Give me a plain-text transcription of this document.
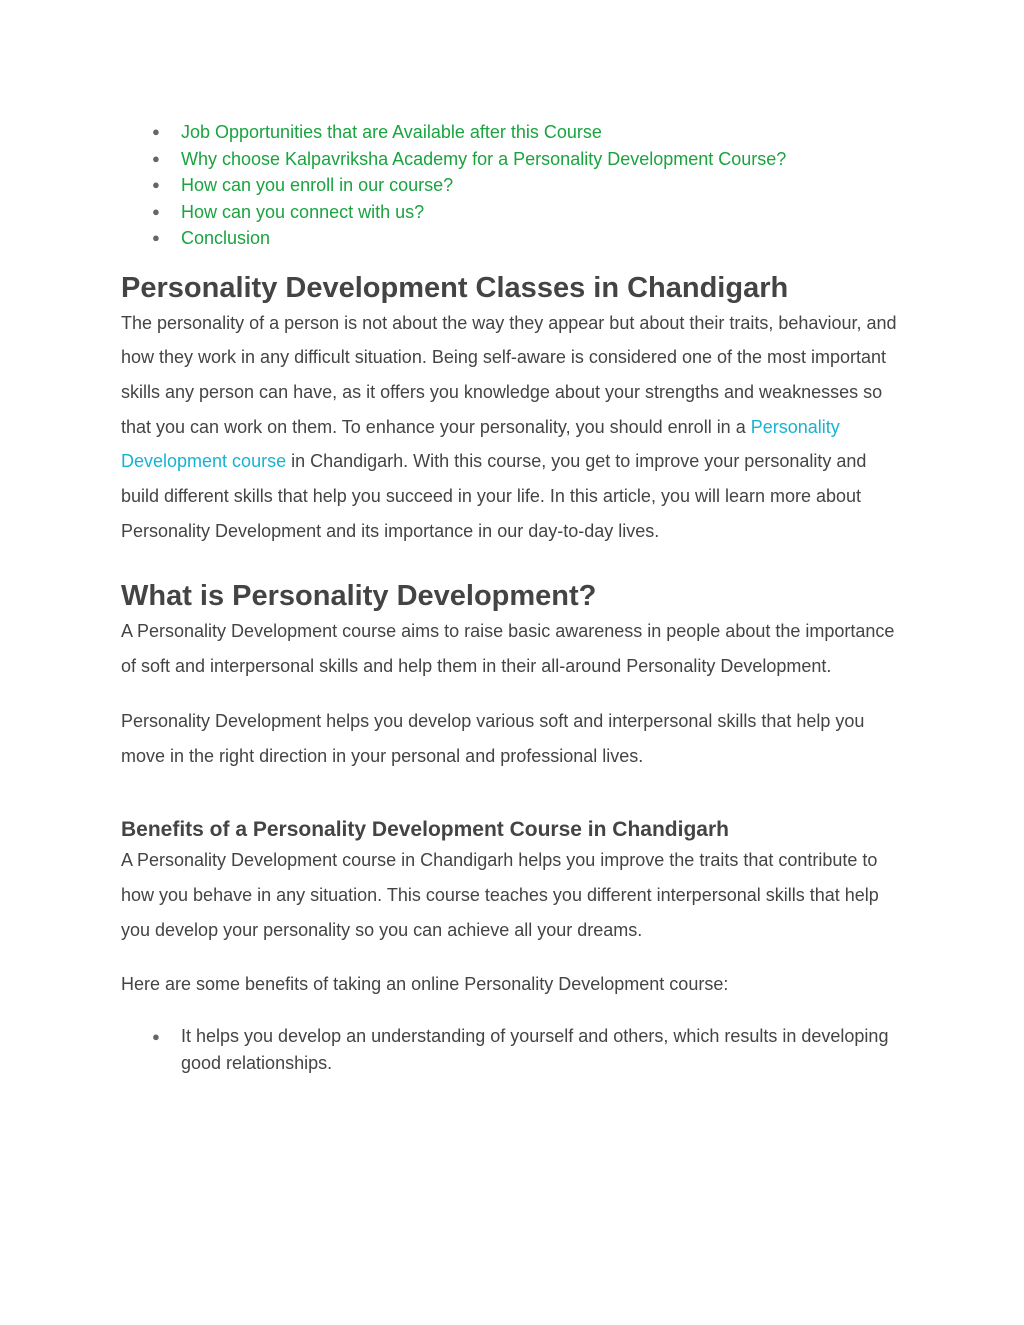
● Job Opportunities that are Available after this Course
● Why choose Kalpavriksha Academy for a Personality Development Course?
● How can you enroll in our course?
● How can you connect with us?
● Conclusion
Personality Development Classes in Chandigarh

The personality of a person is not about the way they appear but about their traits, behaviour, and how they work in any difficult situation. Being self-aware is considered one of the most important skills any person can have, as it offers you knowledge about your strengths and weaknesses so that you can work on them. To enhance your personality, you should enroll in a Personality Development course in Chandigarh. With this course, you get to improve your personality and build different skills that help you succeed in your life. In this article, you will learn more about Personality Development and its importance in our day-to-day lives.

What is Personality Development?

A Personality Development course aims to raise basic awareness in people about the importance of soft and interpersonal skills and help them in their all-around Personality Development.

Personality Development helps you develop various soft and interpersonal skills that help you move in the right direction in your personal and professional lives.

Benefits of a Personality Development Course in Chandigarh

A Personality Development course in Chandigarh helps you improve the traits that contribute to how you behave in any situation. This course teaches you different interpersonal skills that help you develop your personality so you can achieve all your dreams.

Here are some benefits of taking an online Personality Development course:

● It helps you develop an understanding of yourself and others, which results in developing good relationships.
